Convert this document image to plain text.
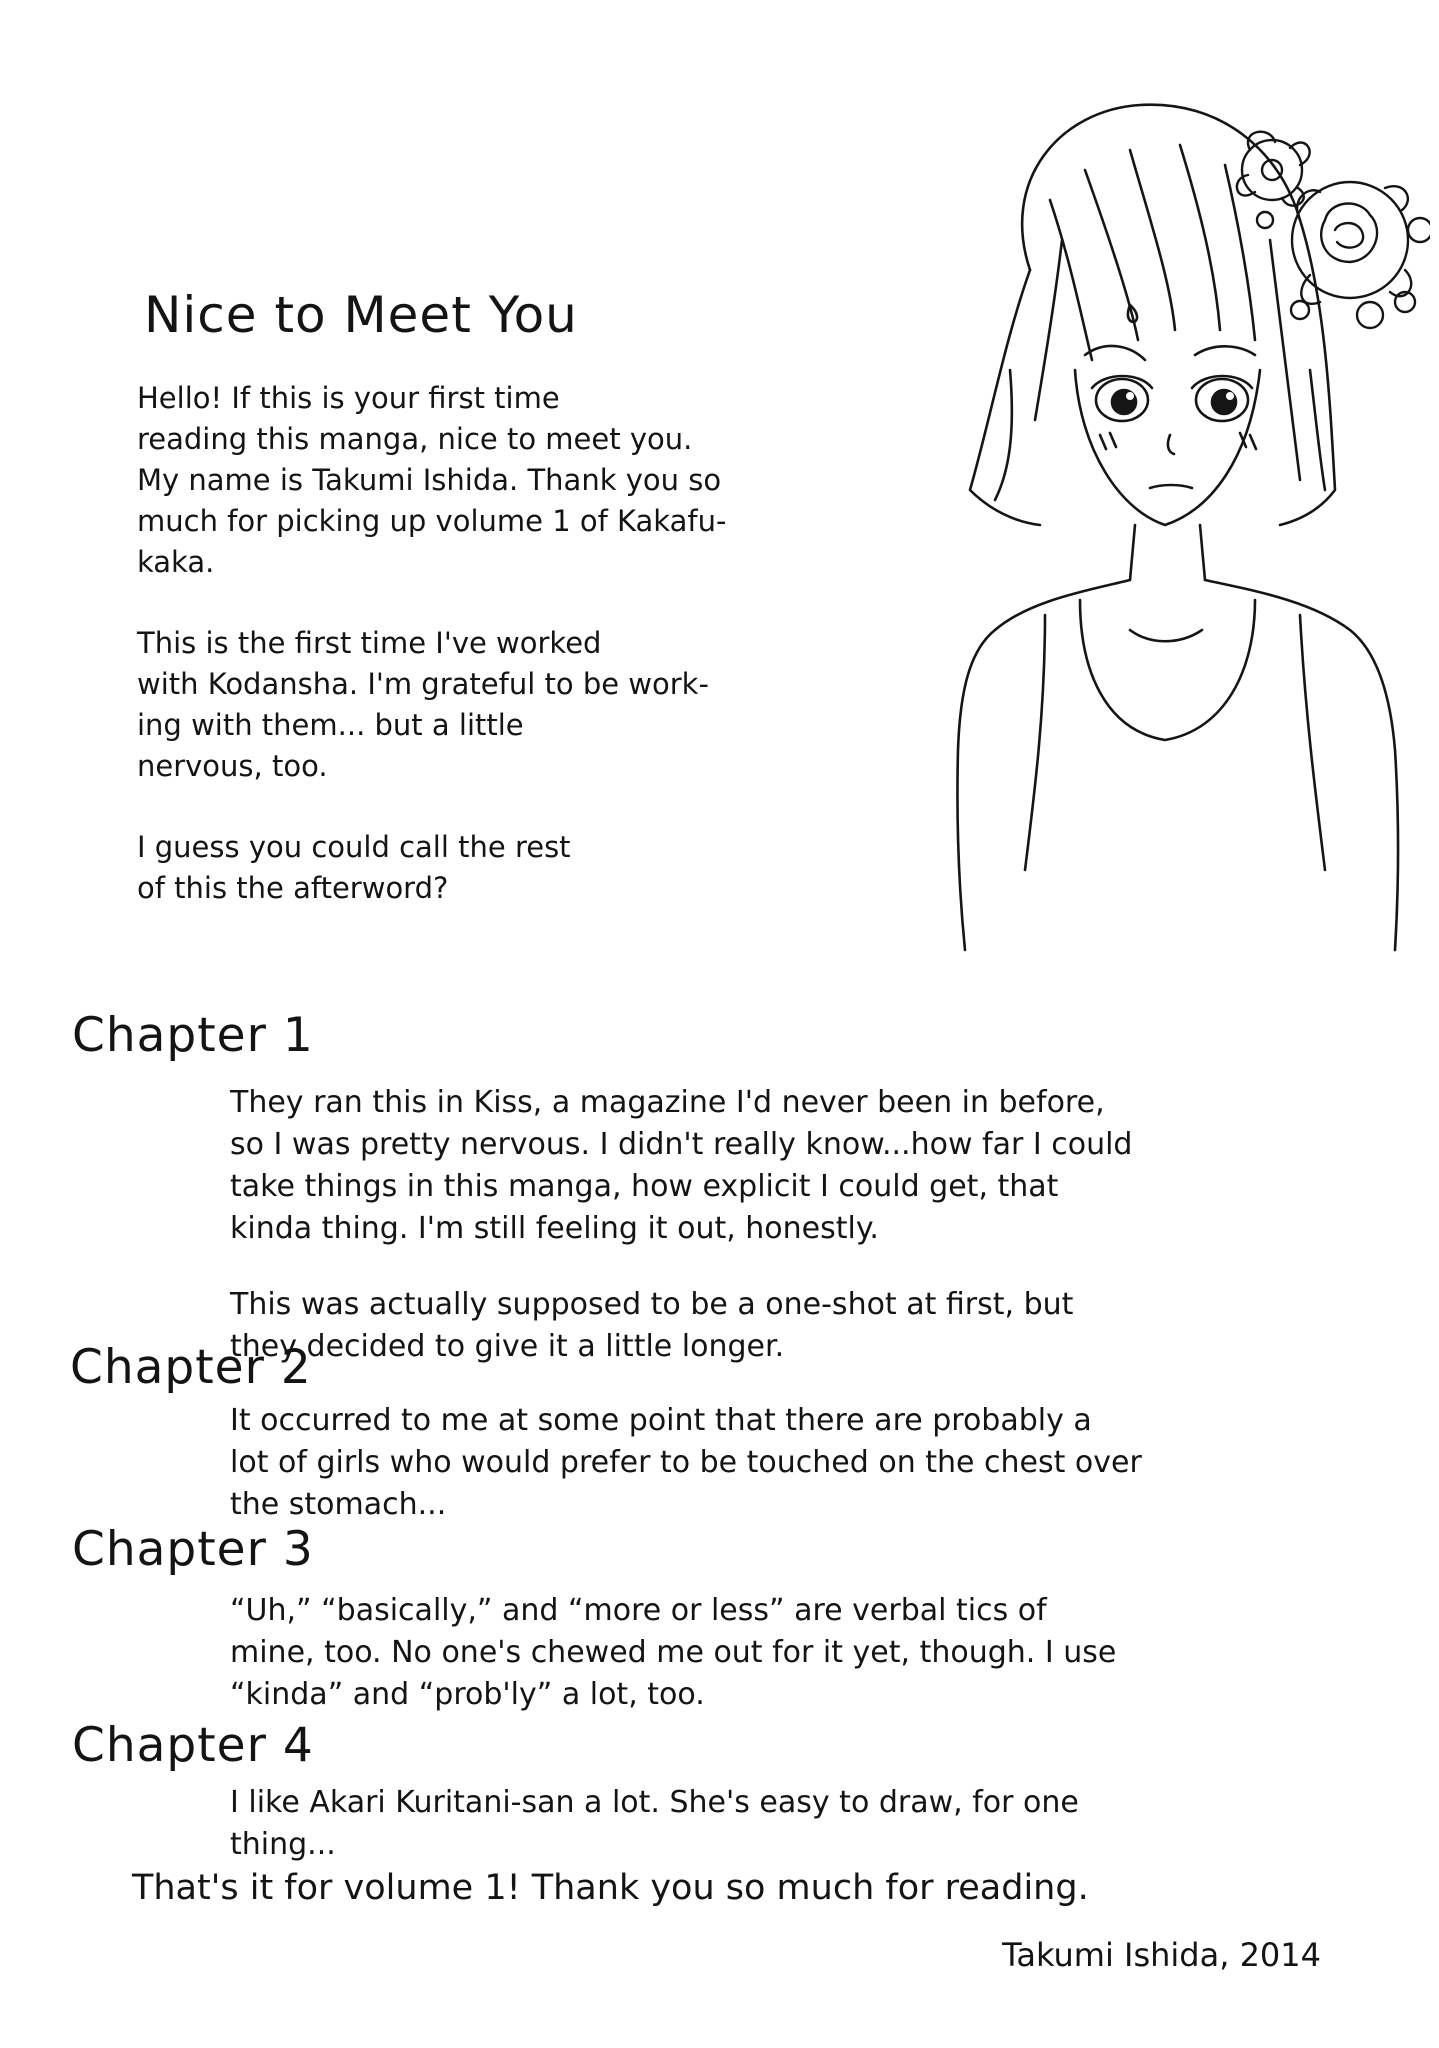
Nice to Meet You

Hello! If this is your first time
reading this manga, nice to meet you.
My name is Takumi Ishida. Thank you so
much for picking up volume 1 of Kakafu-
kaka.

This is the first time I've worked
with Kodansha. I'm grateful to be work-
ing with them... but a little
nervous, too.

I guess you could call the rest
of this the afterword?

Chapter 1

They ran this in Kiss, a magazine I'd never been in before,
so I was pretty nervous. I didn't really know...how far I could
take things in this manga, how explicit I could get, that
kinda thing. I'm still feeling it out, honestly.

This was actually supposed to be a one-shot at first, but
they decided to give it a little longer.

Chapter 2

It occurred to me at some point that there are probably a
lot of girls who would prefer to be touched on the chest over
the stomach...

Chapter 3

“Uh,” “basically,” and “more or less” are verbal tics of
mine, too. No one's chewed me out for it yet, though. I use
“kinda” and “prob'ly” a lot, too.

Chapter 4

I like Akari Kuritani-san a lot. She's easy to draw, for one
thing...

That's it for volume 1! Thank you so much for reading.
Takumi Ishida, 2014
